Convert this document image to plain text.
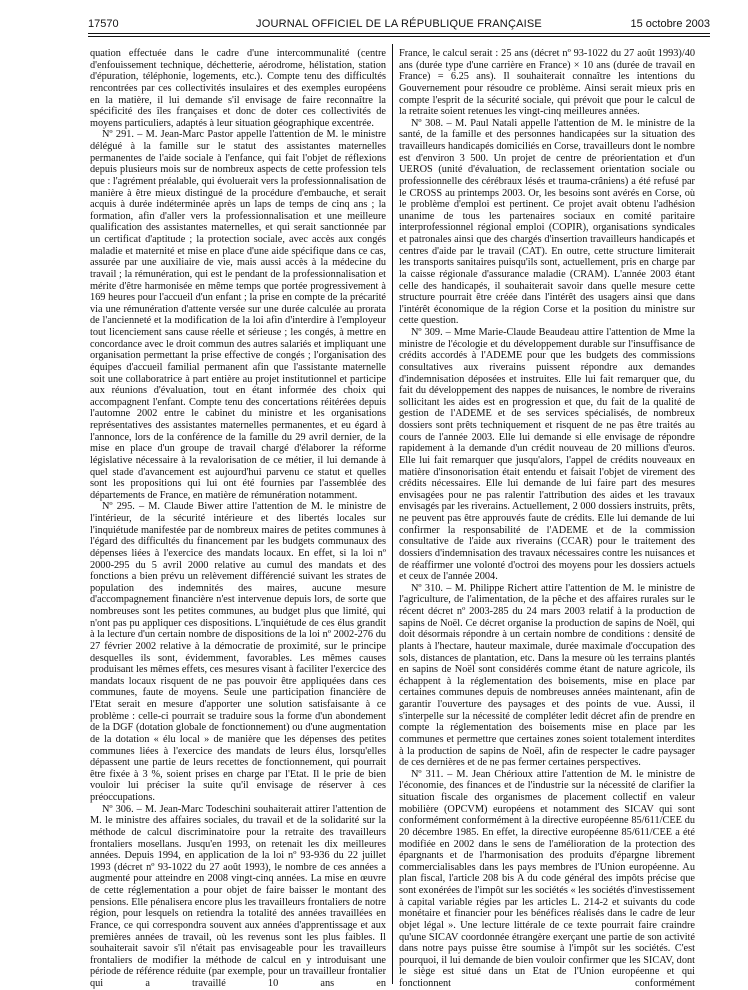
17570	JOURNAL OFFICIEL DE LA RÉPUBLIQUE FRANÇAISE	15 octobre 2003

quation effectuée dans le cadre d'une intercommunalité (centre d'enfouissement technique, déchetterie, aérodrome, hélistation, station d'épuration, téléphonie, logements, etc.). Compte tenu des difficultés rencontrées par ces collectivités insulaires et des exemples européens en la matière, il lui demande s'il envisage de faire reconnaître la spécificité des îles françaises et donc de doter ces collectivités de moyens particuliers, adaptés à leur situation géographique excentrée.

Nº 291. – M. Jean-Marc Pastor appelle l'attention de M. le ministre délégué à la famille sur le statut des assistantes maternelles permanentes de l'aide sociale à l'enfance, qui fait l'objet de réflexions depuis plusieurs mois sur de nombreux aspects de cette profession tels que : l'agrément préalable, qui évoluerait vers la professionnalisation de manière à être mieux distingué de la procédure d'embauche, et serait acquis à durée indéterminée après un laps de temps de cinq ans ; la formation, afin d'aller vers la professionnalisation et une meilleure qualification des assistantes maternelles, et qui serait sanctionnée par un certificat d'aptitude ; la protection sociale, avec accès aux congés maladie et maternité et mise en place d'une aide spécifique dans ce cas, assurée par une auxiliaire de vie, mais aussi accès à la médecine du travail ; la rémunération, qui est le pendant de la professionnalisation et mérite d'être harmonisée en même temps que portée progressivement à 169 heures pour l'accueil d'un enfant ; la prise en compte de la précarité via une rémunération d'attente versée sur une durée calculée au prorata de l'ancienneté et la modification de la loi afin d'interdire à l'employeur tout licenciement sans cause réelle et sérieuse ; les congés, à mettre en concordance avec le droit commun des autres salariés et impliquant une organisation permettant la prise effective de congés ; l'organisation des équipes d'accueil familial permanent afin que l'assistante maternelle soit une collaboratrice à part entière au projet institutionnel et participe aux réunions d'évaluation, tout en étant informée des choix qui accompagnent l'enfant. Compte tenu des concertations réitérées depuis l'automne 2002 entre le cabinet du ministre et les organisations représentatives des assistantes maternelles permanentes, et eu égard à l'annonce, lors de la conférence de la famille du 29 avril dernier, de la mise en place d'un groupe de travail chargé d'élaborer la réforme législative nécessaire à la revalorisation de ce métier, il lui demande à quel stade d'avancement est aujourd'hui parvenu ce statut et quelles sont les propositions qui lui ont été fournies par l'assemblée des départements de France, en matière de rémunération notamment.

Nº 295. – M. Claude Biwer attire l'attention de M. le ministre de l'intérieur, de la sécurité intérieure et des libertés locales sur l'inquiétude manifestée par de nombreux maires de petites communes à l'égard des difficultés du financement par les budgets communaux des dépenses liées à l'exercice des mandats locaux. En effet, si la loi nº 2000-295 du 5 avril 2000 relative au cumul des mandats et des fonctions a bien prévu un relèvement différencié suivant les strates de population des indemnités des maires, aucune mesure d'accompagnement financière n'est intervenue depuis lors, de sorte que nombreuses sont les petites communes, au budget plus que limité, qui n'ont pas pu appliquer ces dispositions. L'inquiétude de ces élus grandit à la lecture d'un certain nombre de dispositions de la loi nº 2002-276 du 27 février 2002 relative à la démocratie de proximité, sur le principe desquelles ils sont, évidemment, favorables. Les mêmes causes produisant les mêmes effets, ces mesures visant à faciliter l'exercice des mandats locaux risquent de ne pas pouvoir être appliquées dans ces communes, faute de moyens. Seule une participation financière de l'Etat serait en mesure d'apporter une solution satisfaisante à ce problème : celle-ci pourrait se traduire sous la forme d'un abondement de la DGF (dotation globale de fonctionnement) ou d'une augmentation de la dotation « élu local » de manière que les dépenses des petites communes liées à l'exercice des mandats de leurs élus, lorsqu'elles dépassent une partie de leurs recettes de fonctionnement, qui pourrait être fixée à 3 %, soient prises en charge par l'Etat. Il le prie de bien vouloir lui préciser la suite qu'il envisage de réserver à ces préoccupations.

Nº 306. – M. Jean-Marc Todeschini souhaiterait attirer l'attention de M. le ministre des affaires sociales, du travail et de la solidarité sur la méthode de calcul discriminatoire pour la retraite des travailleurs frontaliers mosellans. Jusqu'en 1993, on retenait les dix meilleures années. Depuis 1994, en application de la loi nº 93-936 du 22 juillet 1993 (décret nº 93-1022 du 27 août 1993), le nombre de ces années a augmenté pour atteindre en 2008 vingt-cinq années. La mise en œuvre de cette réglementation a pour objet de faire baisser le montant des pensions. Elle pénalisera encore plus les travailleurs frontaliers de notre région, pour lesquels on retiendra la totalité des années travaillées en France, ce qui correspondra souvent aux années d'apprentissage et aux premières années de travail, où les revenus sont les plus faibles. Il souhaiterait savoir s'il n'était pas envisageable pour les travailleurs frontaliers de modifier la méthode de calcul en y introduisant une période de référence réduite (par exemple, pour un travailleur frontalier qui a travaillé 10 ans en

France, le calcul serait : 25 ans (décret nº 93-1022 du 27 août 1993)/40 ans (durée type d'une carrière en France) × 10 ans (durée de travail en France) = 6.25 ans). Il souhaiterait connaître les intentions du Gouvernement pour résoudre ce problème. Ainsi serait mieux pris en compte l'esprit de la sécurité sociale, qui prévoit que pour le calcul de la retraite soient retenues les vingt-cinq meilleures années.

Nº 308. – M. Paul Natali appelle l'attention de M. le ministre de la santé, de la famille et des personnes handicapées sur la situation des travailleurs handicapés domiciliés en Corse, travailleurs dont le nombre est d'environ 3 500. Un projet de centre de préorientation et d'un UEROS (unité d'évaluation, de reclassement orientation sociale ou professionnelle des cérébraux lésés et trauma-crâniens) a été refusé par le CROSS au printemps 2003. Or, les besoins sont avérés en Corse, où le problème d'emploi est pertinent. Ce projet avait obtenu l'adhésion unanime de tous les partenaires sociaux en comité paritaire interprofessionnel régional emploi (COPIR), organisations syndicales et patronales ainsi que des chargés d'insertion travailleurs handicapés et centres d'aide par le travail (CAT). En outre, cette structure limiterait les transports sanitaires puisqu'ils sont, actuellement, pris en charge par la caisse régionale d'assurance maladie (CRAM). L'année 2003 étant celle des handicapés, il souhaiterait savoir dans quelle mesure cette structure pourrait être créée dans l'intérêt des usagers ainsi que dans l'intérêt économique de la région Corse et la position du ministre sur cette question.

Nº 309. – Mme Marie-Claude Beaudeau attire l'attention de Mme la ministre de l'écologie et du développement durable sur l'insuffisance de crédits accordés à l'ADEME pour que les budgets des commissions consultatives aux riverains puissent répondre aux demandes d'indemnisation déposées et instruites. Elle lui fait remarquer que, du fait du développement des nappes de nuisances, le nombre de riverains sollicitant les aides est en progression et que, du fait de la qualité de gestion de l'ADEME et de ses services spécialisés, de nombreux dossiers sont prêts techniquement et risquent de ne pas être traités au cours de l'année 2003. Elle lui demande si elle envisage de répondre rapidement à la demande d'un crédit nouveau de 20 millions d'euros. Elle lui fait remarquer que jusqu'alors, l'appel de crédits nouveaux en matière d'insonorisation était entendu et faisait l'objet de virement des crédits nécessaires. Elle lui demande de lui faire part des mesures envisagées pour ne pas ralentir l'attribution des aides et les travaux envisagés par les riverains. Actuellement, 2 000 dossiers instruits, prêts, ne peuvent pas être approuvés faute de crédits. Elle lui demande de lui confirmer la responsabilité de l'ADEME et de la commission consultative de l'aide aux riverains (CCAR) pour le traitement des dossiers d'indemnisation des travaux nécessaires contre les nuisances et de réaffirmer une volonté d'octroi des moyens pour les dossiers actuels et ceux de l'année 2004.

Nº 310. – M. Philippe Richert attire l'attention de M. le ministre de l'agriculture, de l'alimentation, de la pêche et des affaires rurales sur le récent décret nº 2003-285 du 24 mars 2003 relatif à la production de sapins de Noël. Ce décret organise la production de sapins de Noël, qui doit désormais répondre à un certain nombre de conditions : densité de plants à l'hectare, hauteur maximale, durée maximale d'occupation des sols, distances de plantation, etc. Dans la mesure où les terrains plantés en sapins de Noël sont considérés comme étant de nature agricole, ils échappent à la réglementation des boisements, mise en place par certaines communes depuis de nombreuses années maintenant, afin de garantir l'ouverture des paysages et des points de vue. Aussi, il s'interpelle sur la nécessité de compléter ledit décret afin de prendre en compte la réglementation des boisements mise en place par les communes et permettre que certaines zones soient totalement interdites à la production de sapins de Noël, afin de respecter le cadre paysager de ces dernières et de ne pas fermer certaines perspectives.

Nº 311. – M. Jean Chérioux attire l'attention de M. le ministre de l'économie, des finances et de l'industrie sur la nécessité de clarifier la situation fiscale des organismes de placement collectif en valeur mobilière (OPCVM) européens et notamment des SICAV qui sont conformément conformément à la directive européenne 85/611/CEE du 20 décembre 1985. En effet, la directive européenne 85/611/CEE a été modifiée en 2002 dans le sens de l'amélioration de la protection des épargnants et de l'harmonisation des produits d'épargne librement commercialisables dans les pays membres de l'Union européenne. Au plan fiscal, l'article 208 bis A du code général des impôts précise que sont exonérées de l'impôt sur les sociétés « les sociétés d'investissement à capital variable régies par les articles L. 214-2 et suivants du code monétaire et financier pour les bénéfices réalisés dans le cadre de leur objet légal ». Une lecture littérale de ce texte pourrait faire craindre qu'une SICAV coordonnée étrangère exerçant une partie de son activité dans notre pays puisse être soumise à l'impôt sur les sociétés. C'est pourquoi, il lui demande de bien vouloir confirmer que les SICAV, dont le siège est situé dans un Etat de l'Union européenne et qui fonctionnent conformément
